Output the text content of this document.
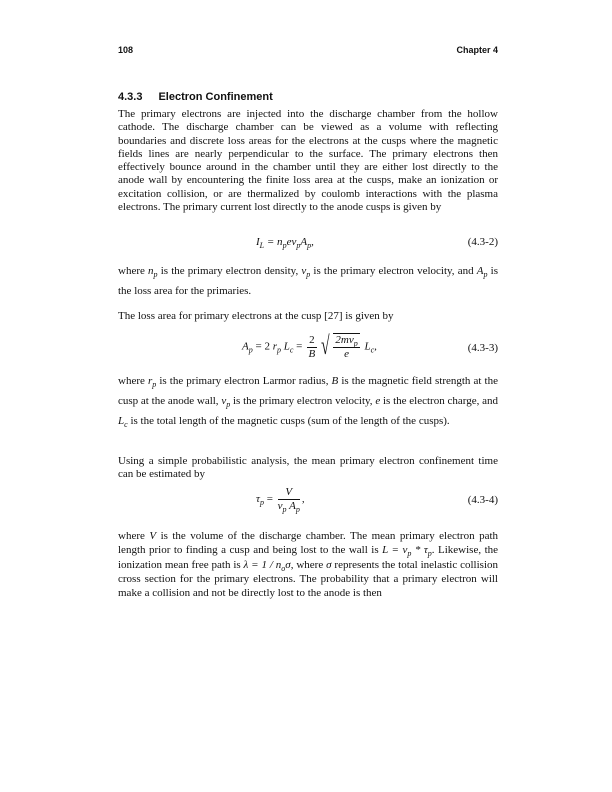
108	Chapter 4
4.3.3 Electron Confinement
The primary electrons are injected into the discharge chamber from the hollow cathode. The discharge chamber can be viewed as a volume with reflecting boundaries and discrete loss areas for the electrons at the cusps where the magnetic fields lines are nearly perpendicular to the surface. The primary electrons then effectively bounce around in the chamber until they are either lost directly to the anode wall by encountering the finite loss area at the cusps, make an ionization or excitation collision, or are thermalized by coulomb interactions with the plasma electrons. The primary current lost directly to the anode cusps is given by
$I_L = n_pev_pA_p$,	(4.3-2)
where $n_p$ is the primary electron density, $v_p$ is the primary electron velocity, and $A_p$ is the loss area for the primaries.
The loss area for primary electrons at the cusp [27] is given by
$A_p = 2$ $r_p$ $L_c = \frac{2}{B}$
√ $\frac{2mv_p}{e} L_c$,	(4.3-3)
where $r_p$ is the primary electron Larmor radius, B is the magnetic field strength at the cusp at the anode wall, $v_p$ is the primary electron velocity, e is the electron charge, and $L_c$ is the total length of the magnetic cusps (sum of the length of the cusps).
Using a simple probabilistic analysis, the mean primary electron confinement time can be estimated by
$\tau_p = \frac{V}{v_p A_p}$ ,	(4.3-4)
where V is the volume of the discharge chamber. The mean primary electron path length prior to finding a cusp and being lost to the wall is $L = v_p * \tau_p$. Likewise, the ionization mean free path is $\lambda = 1 / n_o\sigma$, where σ represents the total inelastic collision cross section for the primary electrons. The probability that a primary electron will make a collision and not be directly lost to the anode is then
